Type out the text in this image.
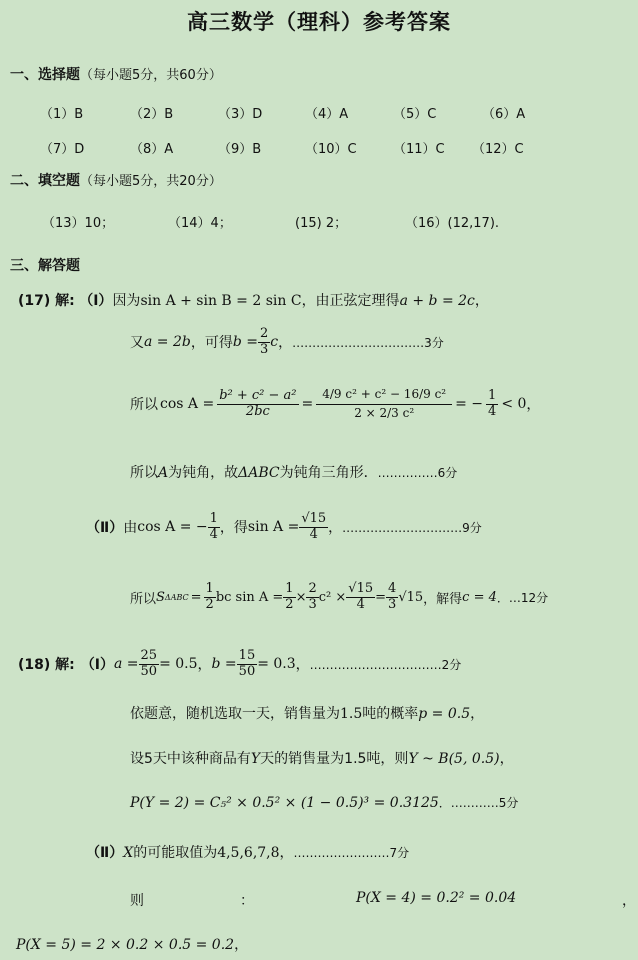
高三数学（理科）参考答案
一、选择题（每小题5分，共60分）
（1）B	（2）B	（3）D	（4）A	（5）C	（6）A
（7）D	（8）A	（9）B	（10）C	（11）C （12）C
二、填空题（每小题5分，共20分）
（13）10；	（14）4；	(15) 2；	（16）(12,17).
三、解答题
(17) 解: （Ⅰ）因为sin A + sin B = 2 sin C，由正弦定理得a + b = 2c，
又 a = 2b ，可得 $b = \frac{2}{3}$ c ， ……………………………3分
所以 $\cos A = \frac{\text{b² + c² − a²}}{2bc} = \frac{\text{4/9 c² + c² − 16/9 c²}}{\text{2 × 2/3 c²}}$ = − $\frac{1}{4} < 0$ ，
所以A为钝角，故ΔABC为钝角三角形．……………6分
（Ⅱ） 由 cos A = − $\frac{1}{4}$ ，得 $\sin A = \frac{√15}{4}$ ， …………………………9分
所以 S $\Delta ABC = \frac{1}{2}$ bc $\sin A = \frac{1}{2} \times \frac{2}{3} c^2 \times \frac{√15}{4} = \frac{4}{3} √15$ ，解得 c = 4 ．…12分
(18) 解: （Ⅰ） $a = \frac{25}{50} = 0.5$ ， $b = \frac{15}{50} = 0.3$ ， ……………………………2分
依题意，随机选取一天，销售量为1.5吨的概率p = 0.5，
设5天中该种商品有Y天的销售量为1.5吨，则Y ~ B(5, 0.5)，
P(Y = 2) = C₅² × 0.5² × (1 − 0.5)³ = 0.3125．…………5分
（Ⅱ）X的可能取值为4,5,6,7,8，……………………7分
则	：	P(X = 4) = 0.2² = 0.04	，
P(X = 5) = 2 × 0.2 × 0.5 = 0.2，
